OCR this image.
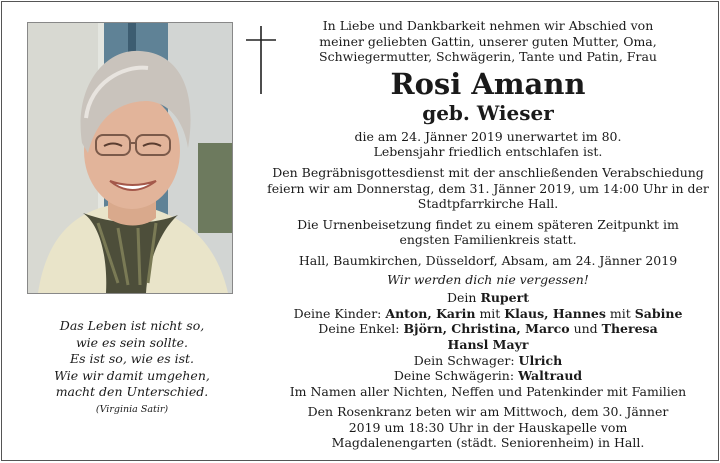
Das Leben ist nicht so,
wie es sein sollte.
Es ist so, wie es ist.
Wie wir damit umgehen,
macht den Unterschied.
(Virginia Satir)

In Liebe und Dankbarkeit nehmen wir Abschied von meiner geliebten Gattin, unserer guten Mutter, Oma, Schwiegermutter, Schwägerin, Tante und Patin, Frau

Rosi Amann

geb. Wieser

die am 24. Jänner 2019 unerwartet im 80. Lebensjahr friedlich entschlafen ist.

Den Begräbnisgottesdienst mit der anschließenden Verabschiedung feiern wir am Donnerstag, dem 31. Jänner 2019, um 14:00 Uhr in der Stadtpfarrkirche Hall.

Die Urnenbeisetzung findet zu einem späteren Zeitpunkt im engsten Familienkreis statt.

Hall, Baumkirchen, Düsseldorf, Absam, am 24. Jänner 2019

Wir werden dich nie vergessen!

Dein Rupert

Deine Kinder: Anton, Karin mit Klaus, Hannes mit Sabine

Deine Enkel: Björn, Christina, Marco und Theresa

Hansl Mayr

Dein Schwager: Ulrich

Deine Schwägerin: Waltraud

Im Namen aller Nichten, Neffen und Patenkinder mit Familien

Den Rosenkranz beten wir am Mittwoch, dem 30. Jänner 2019 um 18:30 Uhr in der Hauskapelle vom Magdalenengarten (städt. Seniorenheim) in Hall.
